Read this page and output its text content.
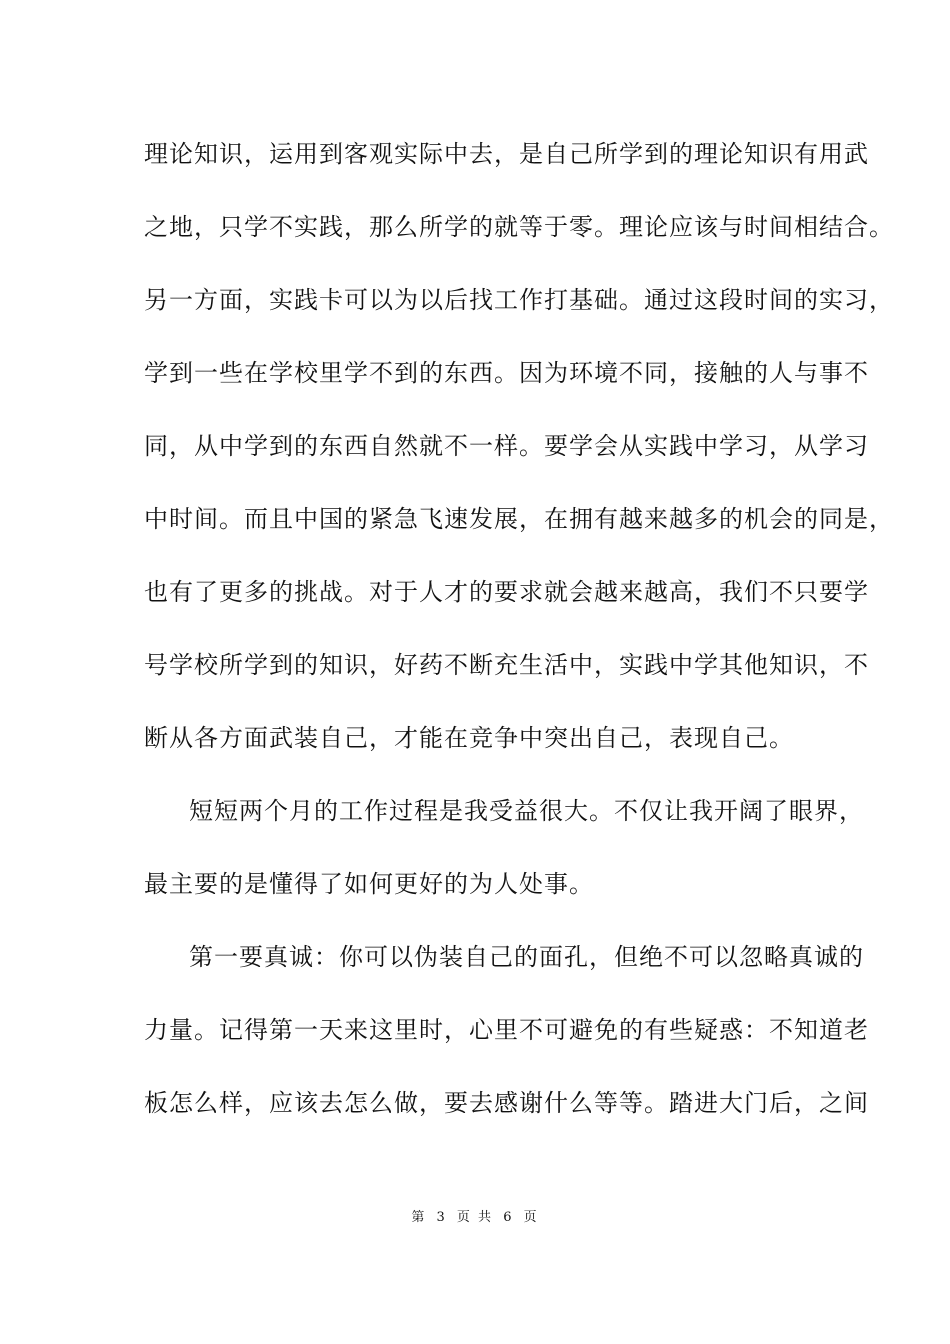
理论知识，运用到客观实际中去，是自己所学到的理论知识有用武
之地，只学不实践，那么所学的就等于零。理论应该与时间相结合。
另一方面，实践卡可以为以后找工作打基础。通过这段时间的实习，
学到一些在学校里学不到的东西。因为环境不同，接触的人与事不
同，从中学到的东西自然就不一样。要学会从实践中学习，从学习
中时间。而且中国的紧急飞速发展，在拥有越来越多的机会的同是，
也有了更多的挑战。对于人才的要求就会越来越高，我们不只要学
号学校所学到的知识，好药不断充生活中，实践中学其他知识，不
断从各方面武装自己，才能在竞争中突出自己，表现自己。
短短两个月的工作过程是我受益很大。不仅让我开阔了眼界，
最主要的是懂得了如何更好的为人处事。
第一要真诚：你可以伪装自己的面孔，但绝不可以忽略真诚的
力量。记得第一天来这里时，心里不可避免的有些疑惑：不知道老
板怎么样，应该去怎么做，要去感谢什么等等。踏进大门后，之间
第 3 页 共 6 页
